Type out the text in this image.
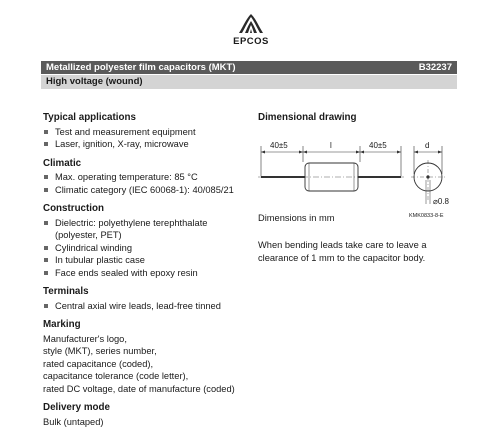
EPCOS
Metallized polyester film capacitors (MKT)	B32237
High voltage (wound)
Typical applications
Test and measurement equipment
Laser, ignition, X-ray, microwave
Climatic
Max. operating temperature: 85 °C
Climatic category (IEC 60068-1): 40/085/21
Construction
Dielectric: polyethylene terephthalate
(polyester, PET)
Cylindrical winding
In tubular plastic case
Face ends sealed with epoxy resin
Terminals
Central axial wire leads, lead-free tinned
Marking
Manufacturer's logo,
style (MKT), series number,
rated capacitance (coded),
capacitance tolerance (code letter),
rated DC voltage, date of manufacture (coded)
Delivery mode
Bulk (untaped)
Dimensional drawing
40±5	l	40±5	d
⌀0.8
KMK0833-8-E
Dimensions in mm
When bending leads take care to leave a clearance of 1 mm to the capacitor body.
